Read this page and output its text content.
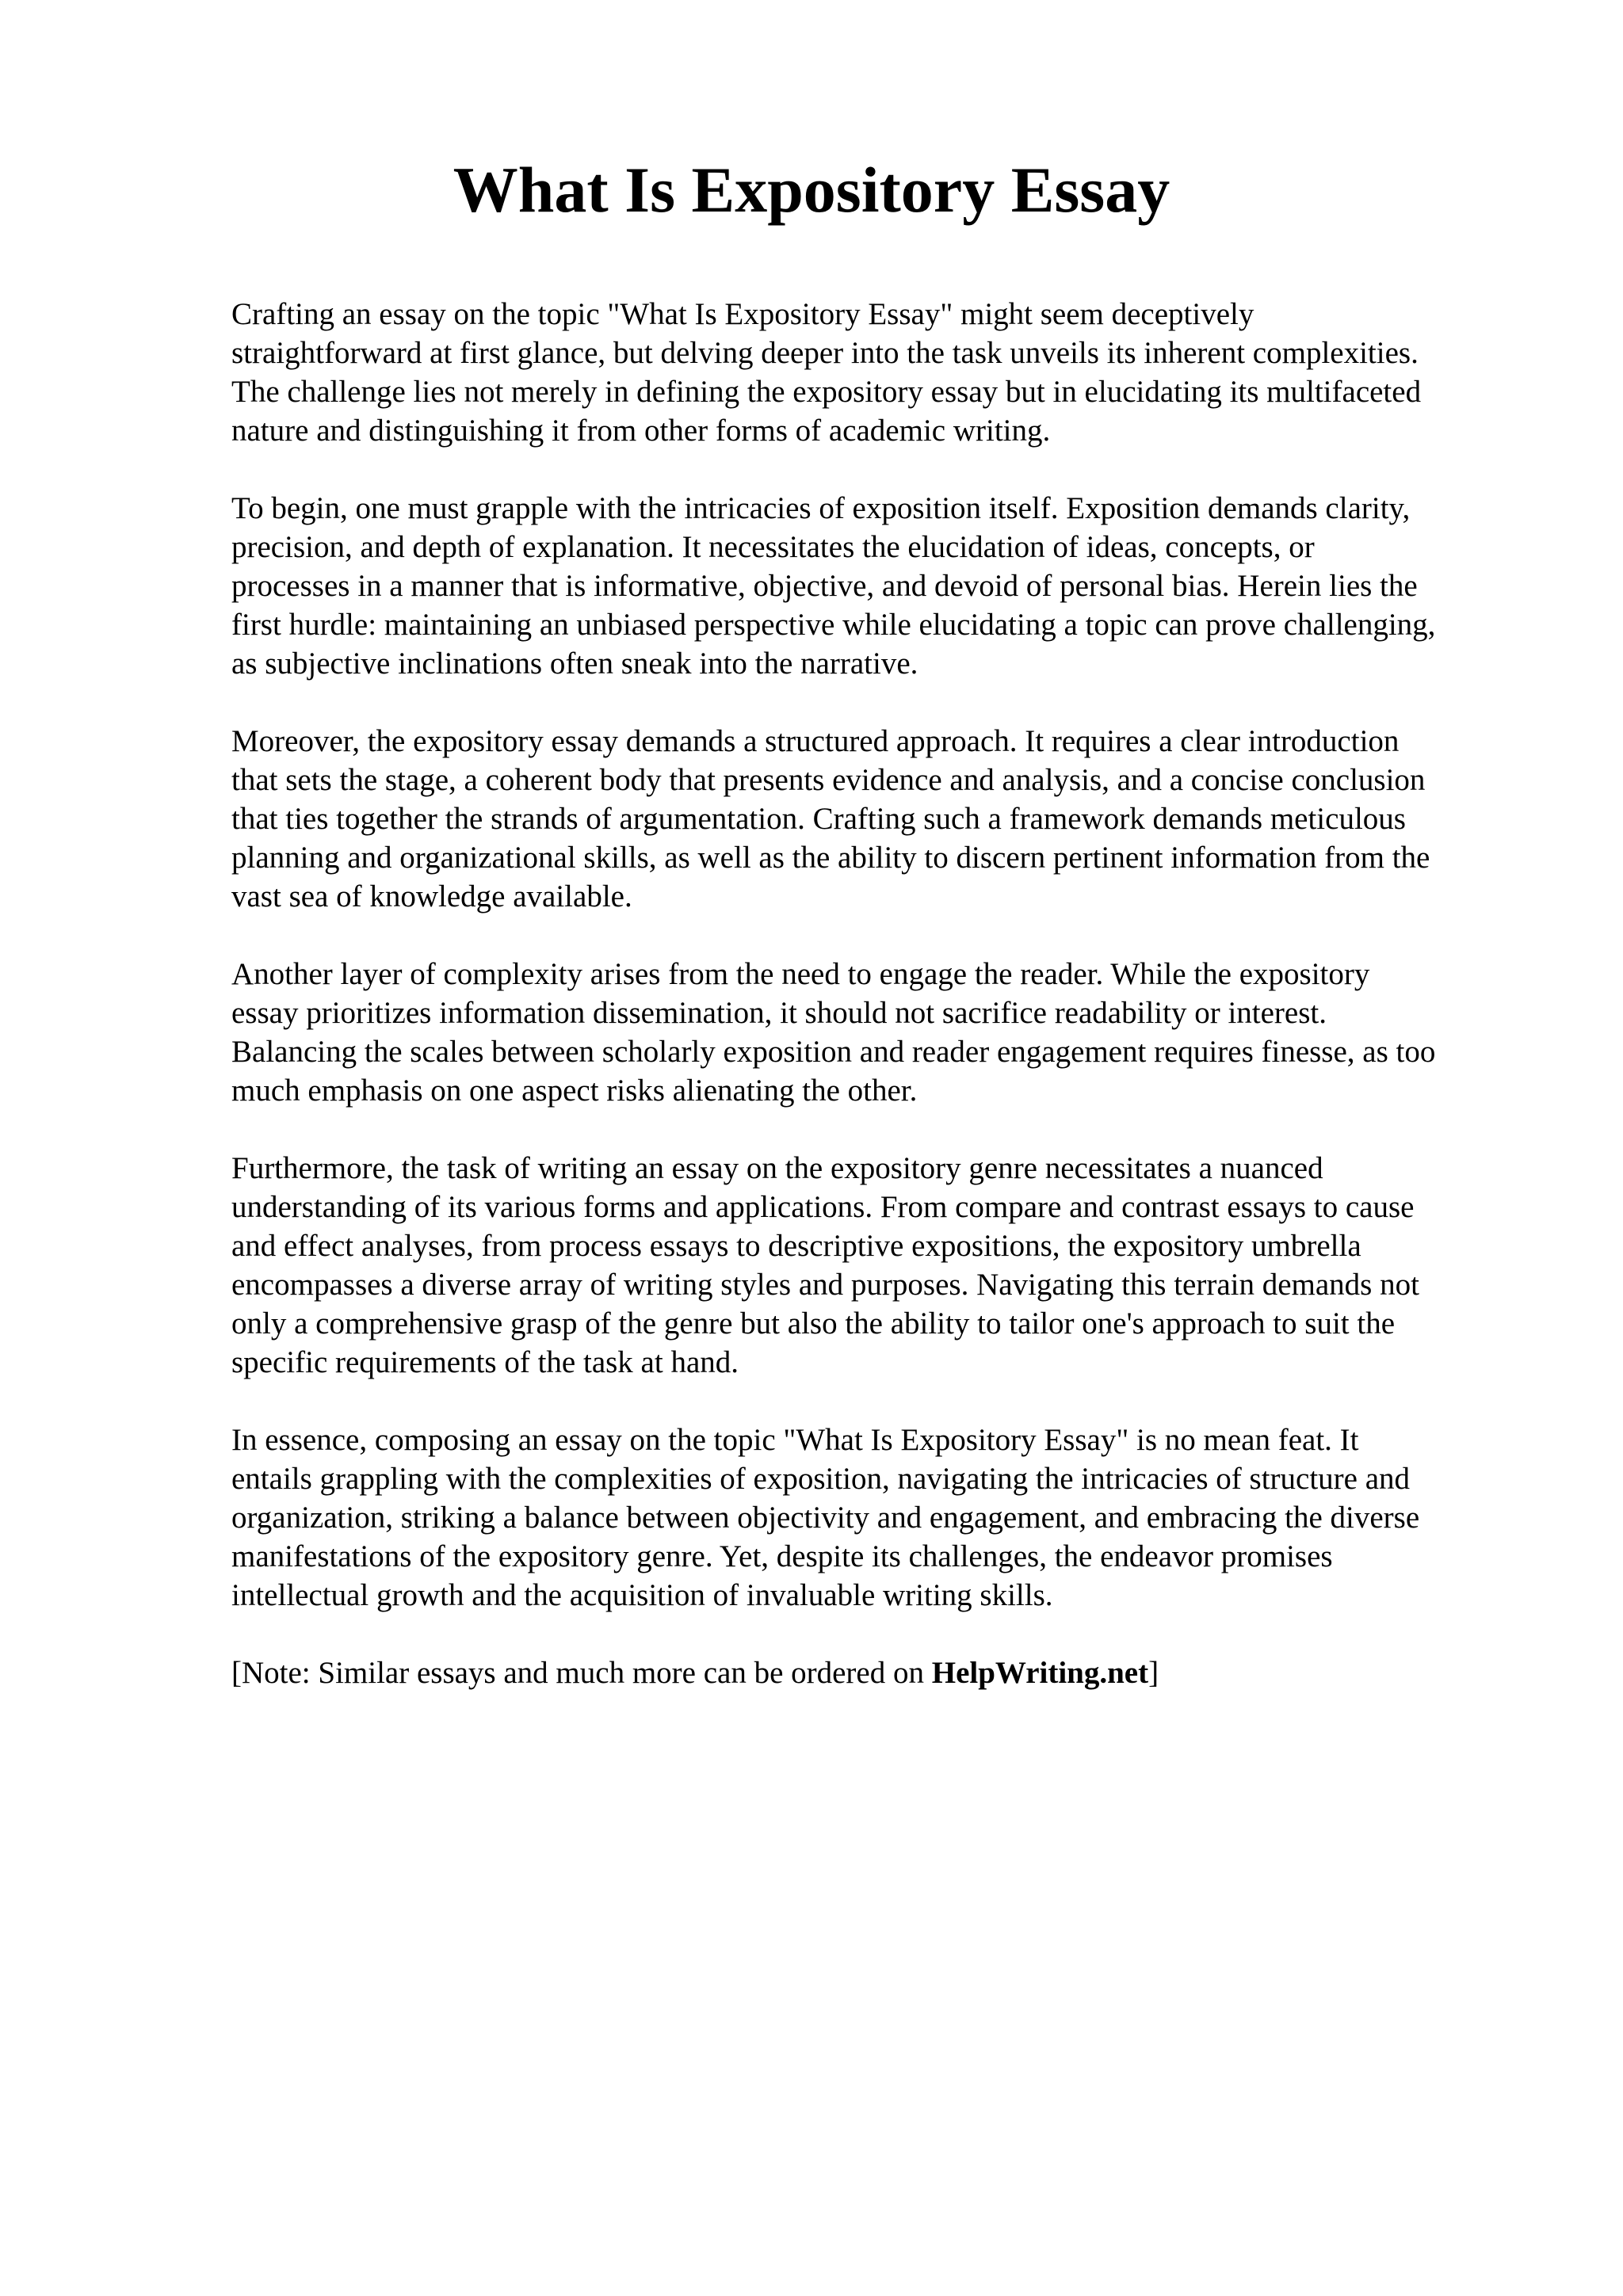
What Is Expository Essay

Crafting an essay on the topic "What Is Expository Essay" might seem deceptively
straightforward at first glance, but delving deeper into the task unveils its inherent complexities.
The challenge lies not merely in defining the expository essay but in elucidating its multifaceted
nature and distinguishing it from other forms of academic writing.

To begin, one must grapple with the intricacies of exposition itself. Exposition demands clarity,
precision, and depth of explanation. It necessitates the elucidation of ideas, concepts, or
processes in a manner that is informative, objective, and devoid of personal bias. Herein lies the
first hurdle: maintaining an unbiased perspective while elucidating a topic can prove challenging,
as subjective inclinations often sneak into the narrative.

Moreover, the expository essay demands a structured approach. It requires a clear introduction
that sets the stage, a coherent body that presents evidence and analysis, and a concise conclusion
that ties together the strands of argumentation. Crafting such a framework demands meticulous
planning and organizational skills, as well as the ability to discern pertinent information from the
vast sea of knowledge available.

Another layer of complexity arises from the need to engage the reader. While the expository
essay prioritizes information dissemination, it should not sacrifice readability or interest.
Balancing the scales between scholarly exposition and reader engagement requires finesse, as too
much emphasis on one aspect risks alienating the other.

Furthermore, the task of writing an essay on the expository genre necessitates a nuanced
understanding of its various forms and applications. From compare and contrast essays to cause
and effect analyses, from process essays to descriptive expositions, the expository umbrella
encompasses a diverse array of writing styles and purposes. Navigating this terrain demands not
only a comprehensive grasp of the genre but also the ability to tailor one's approach to suit the
specific requirements of the task at hand.

In essence, composing an essay on the topic "What Is Expository Essay" is no mean feat. It
entails grappling with the complexities of exposition, navigating the intricacies of structure and
organization, striking a balance between objectivity and engagement, and embracing the diverse
manifestations of the expository genre. Yet, despite its challenges, the endeavor promises
intellectual growth and the acquisition of invaluable writing skills.

[Note: Similar essays and much more can be ordered on HelpWriting.net]
